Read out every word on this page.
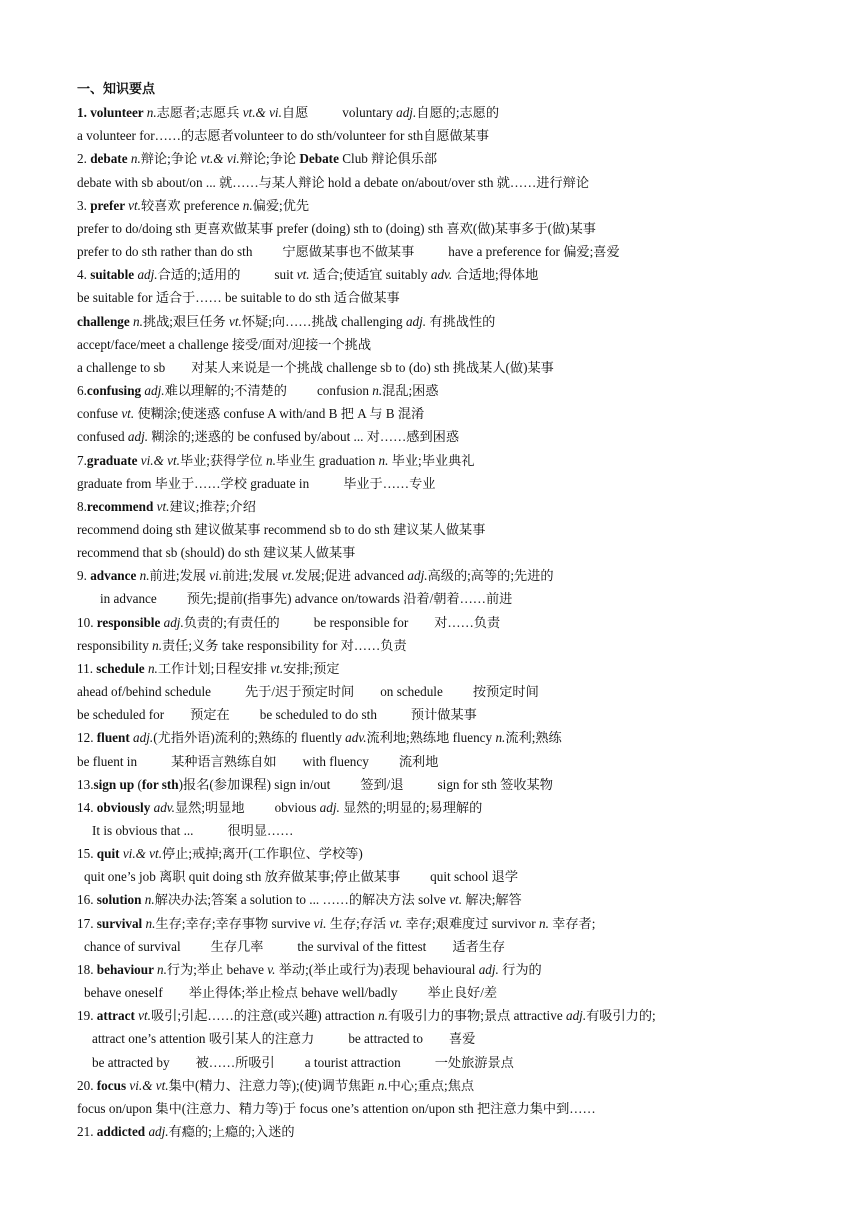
一、知识要点
1. volunteer n.志愿者;志愿兵 vt.& vi.自愿	voluntary adj.自愿的;志愿的
a volunteer for……的志愿者volunteer to do sth/volunteer for sth自愿做某事
2. debate n.辩论;争论 vt.& vi.辩论;争论 Debate Club 辩论俱乐部
debate with sb about/on ... 就……与某人辩论 hold a debate on/about/over sth 就……进行辩论
3. prefer vt.较喜欢 preference n.偏爱;优先
prefer to do/doing sth 更喜欢做某事 prefer (doing) sth to (doing) sth 喜欢(做)某事多于(做)某事
prefer to do sth rather than do sth 宁愿做某事也不做某事	have a preference for 偏爱;喜爱
4. suitable adj.合适的;适用的	suit vt. 适合;使适宜 suitably adv. 合适地;得体地
be suitable for 适合于…… be suitable to do sth 适合做某事
challenge n.挑战;艰巨任务 vt.怀疑;向……挑战 challenging adj. 有挑战性的
accept/face/meet a challenge 接受/面对/迎接一个挑战
a challenge to sb 对某人来说是一个挑战 challenge sb to (do) sth 挑战某人(做)某事
6.confusing adj.难以理解的;不清楚的 confusion n.混乱;困惑
confuse vt. 使糊涂;使迷惑 confuse A with/and B 把 A 与 B 混淆
confused adj. 糊涂的;迷惑的 be confused by/about ... 对……感到困惑
7.graduate vi.& vt.毕业;获得学位 n.毕业生 graduation n. 毕业;毕业典礼
graduate from 毕业于……学校 graduate in	毕业于……专业
8.recommend vt.建议;推荐;介绍
recommend doing sth 建议做某事 recommend sb to do sth 建议某人做某事
recommend that sb (should) do sth 建议某人做某事
9. advance n.前进;发展 vi.前进;发展 vt.发展;促进 advanced adj.高级的;高等的;先进的
in advance 预先;提前(指事先) advance on/towards 沿着/朝着……前进
10. responsible adj.负责的;有责任的	be responsible for 对……负责
responsibility n.责任;义务 take responsibility for 对……负责
11. schedule n.工作计划;日程安排 vt.安排;预定
ahead of/behind schedule	先于/迟于预定时间 on schedule 按预定时间
be scheduled for 预定在 be scheduled to do sth	预计做某事
12. fluent adj.(尤指外语)流利的;熟练的 fluently adv.流利地;熟练地 fluency n.流利;熟练
be fluent in	某种语言熟练自如 with fluency 流利地
13.sign up (for sth)报名(参加课程) sign in/out 签到/退	sign for sth 签收某物
14. obviously adv.显然;明显地 obvious adj. 显然的;明显的;易理解的
It is obvious that ...	很明显……
15. quit vi.& vt.停止;戒掉;离开(工作职位、学校等)
quit one’s job 离职 quit doing sth 放弃做某事;停止做某事 quit school 退学
16. solution n.解决办法;答案 a solution to ... ……的解决方法 solve vt. 解决;解答
17. survival n.生存;幸存;幸存事物 survive vi. 生存;存活 vt. 幸存;艰难度过 survivor n. 幸存者;
chance of survival 生存几率	the survival of the fittest 适者生存
18. behaviour n.行为;举止 behave v. 举动;(举止或行为)表现 behavioural adj. 行为的
behave oneself 举止得体;举止检点 behave well/badly 举止良好/差
19. attract vt.吸引;引起……的注意(或兴趣) attraction n.有吸引力的事物;景点 attractive adj.有吸引力的;
attract one’s attention 吸引某人的注意力	be attracted to 喜爱
be attracted by 被……所吸引 a tourist attraction	一处旅游景点
20. focus vi.& vt.集中(精力、注意力等);(使)调节焦距 n.中心;重点;焦点
focus on/upon 集中(注意力、精力等)于 focus one’s attention on/upon sth 把注意力集中到……
21. addicted adj.有瘾的;上瘾的;入迷的
